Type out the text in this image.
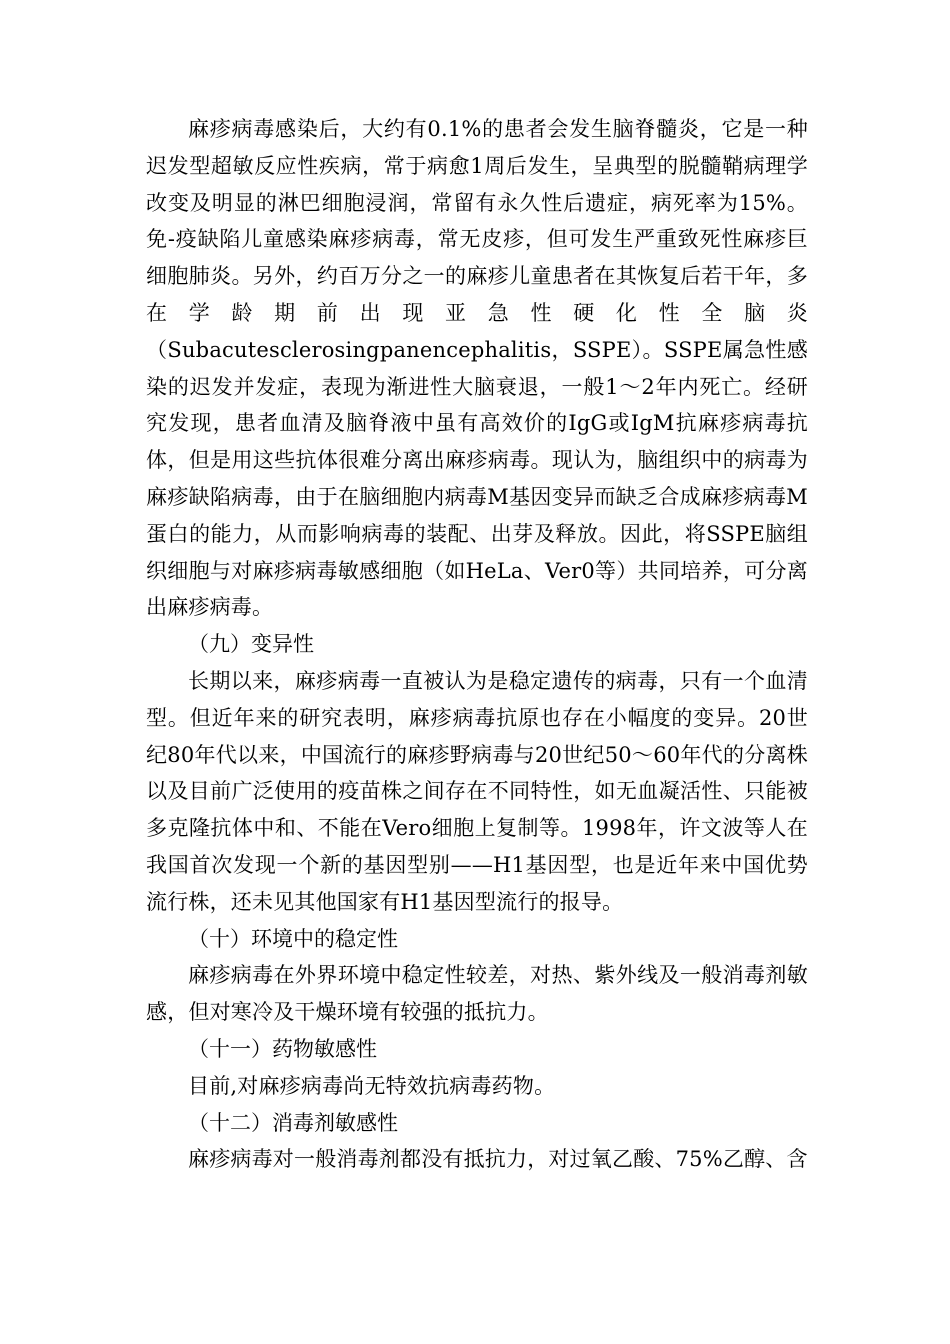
麻疹病毒感染后，大约有0.1%的患者会发生脑脊髓炎，它是一种迟发型超敏反应性疾病，常于病愈1周后发生，呈典型的脱髓鞘病理学改变及明显的淋巴细胞浸润，常留有永久性后遗症，病死率为15%。免-疫缺陷儿童感染麻疹病毒，常无皮疹，但可发生严重致死性麻疹巨细胞肺炎。另外，约百万分之一的麻疹儿童患者在其恢复后若干年，多在学龄期前出现亚急性硬化性全脑炎（Subacutesclerosingpanencephalitis，SSPE）。SSPE属急性感染的迟发并发症，表现为渐进性大脑衰退，一般1～2年内死亡。经研究发现，患者血清及脑脊液中虽有高效价的IgG或IgM抗麻疹病毒抗体，但是用这些抗体很难分离出麻疹病毒。现认为，脑组织中的病毒为麻疹缺陷病毒，由于在脑细胞内病毒M基因变异而缺乏合成麻疹病毒M蛋白的能力，从而影响病毒的装配、出芽及释放。因此，将SSPE脑组织细胞与对麻疹病毒敏感细胞（如HeLa、Ver0等）共同培养，可分离出麻疹病毒。

（九）变异性

长期以来，麻疹病毒一直被认为是稳定遗传的病毒，只有一个血清型。但近年来的研究表明，麻疹病毒抗原也存在小幅度的变异。20世纪80年代以来，中国流行的麻疹野病毒与20世纪50～60年代的分离株以及目前广泛使用的疫苗株之间存在不同特性，如无血凝活性、只能被多克隆抗体中和、不能在Vero细胞上复制等。1998年，许文波等人在我国首次发现一个新的基因型别——H1基因型，也是近年来中国优势流行株，还未见其他国家有H1基因型流行的报导。

（十）环境中的稳定性

麻疹病毒在外界环境中稳定性较差，对热、紫外线及一般消毒剂敏感，但对寒冷及干燥环境有较强的抵抗力。

（十一）药物敏感性

目前,对麻疹病毒尚无特效抗病毒药物。

（十二）消毒剂敏感性

麻疹病毒对一般消毒剂都没有抵抗力，对过氧乙酸、75%乙醇、含
